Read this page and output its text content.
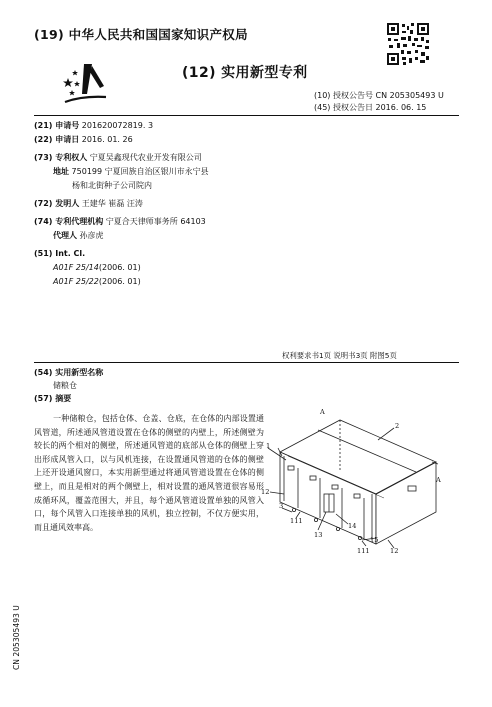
(19) 中华人民共和国国家知识产权局
(12) 实用新型专利
(10) 授权公告号 CN 205305493 U
(45) 授权公告日 2016. 06. 15
(21) 申请号 201620072819. 3
(22) 申请日 2016. 01. 26
(73) 专利权人 宁夏吴鑫现代农业开发有限公司
地址 750199 宁夏回族自治区银川市永宁县
杨和北街种子公司院内
(72) 发明人 王建华 崔磊 汪涛
(74) 专利代理机构 宁夏合天律师事务所 64103
代理人 孙彦虎
(51) Int. Cl.
A01F 25/14(2006. 01)
A01F 25/22(2006. 01)
权利要求书1页 说明书3页 附图5页
(54) 实用新型名称
储粮仓
(57) 摘要
一种储粮仓，包括仓体、仓盖、仓底，在仓体的内部设置通风管道，所述通风管道设置在仓体的侧壁的内壁上，所述侧壁为较长的两个相对的侧壁，所述通风管道的底部从仓体的侧壁上穿出形成风管入口，以与风机连接，在设置通风管道的仓体的侧壁上还开设通风窗口，本实用新型通过将通风管道设置在仓体的侧壁上，而且是相对的两个侧壁上，相对设置的通风管道很容易形成循环风，覆盖范围大，并且，每个通风管道设置单独的风管入口，每个风管入口连接单独的风机，独立控制，不仅方便实用，而且通风效率高。
A
A
2
1
12
3
111
13
14
15
111	12
CN 205305493 U
